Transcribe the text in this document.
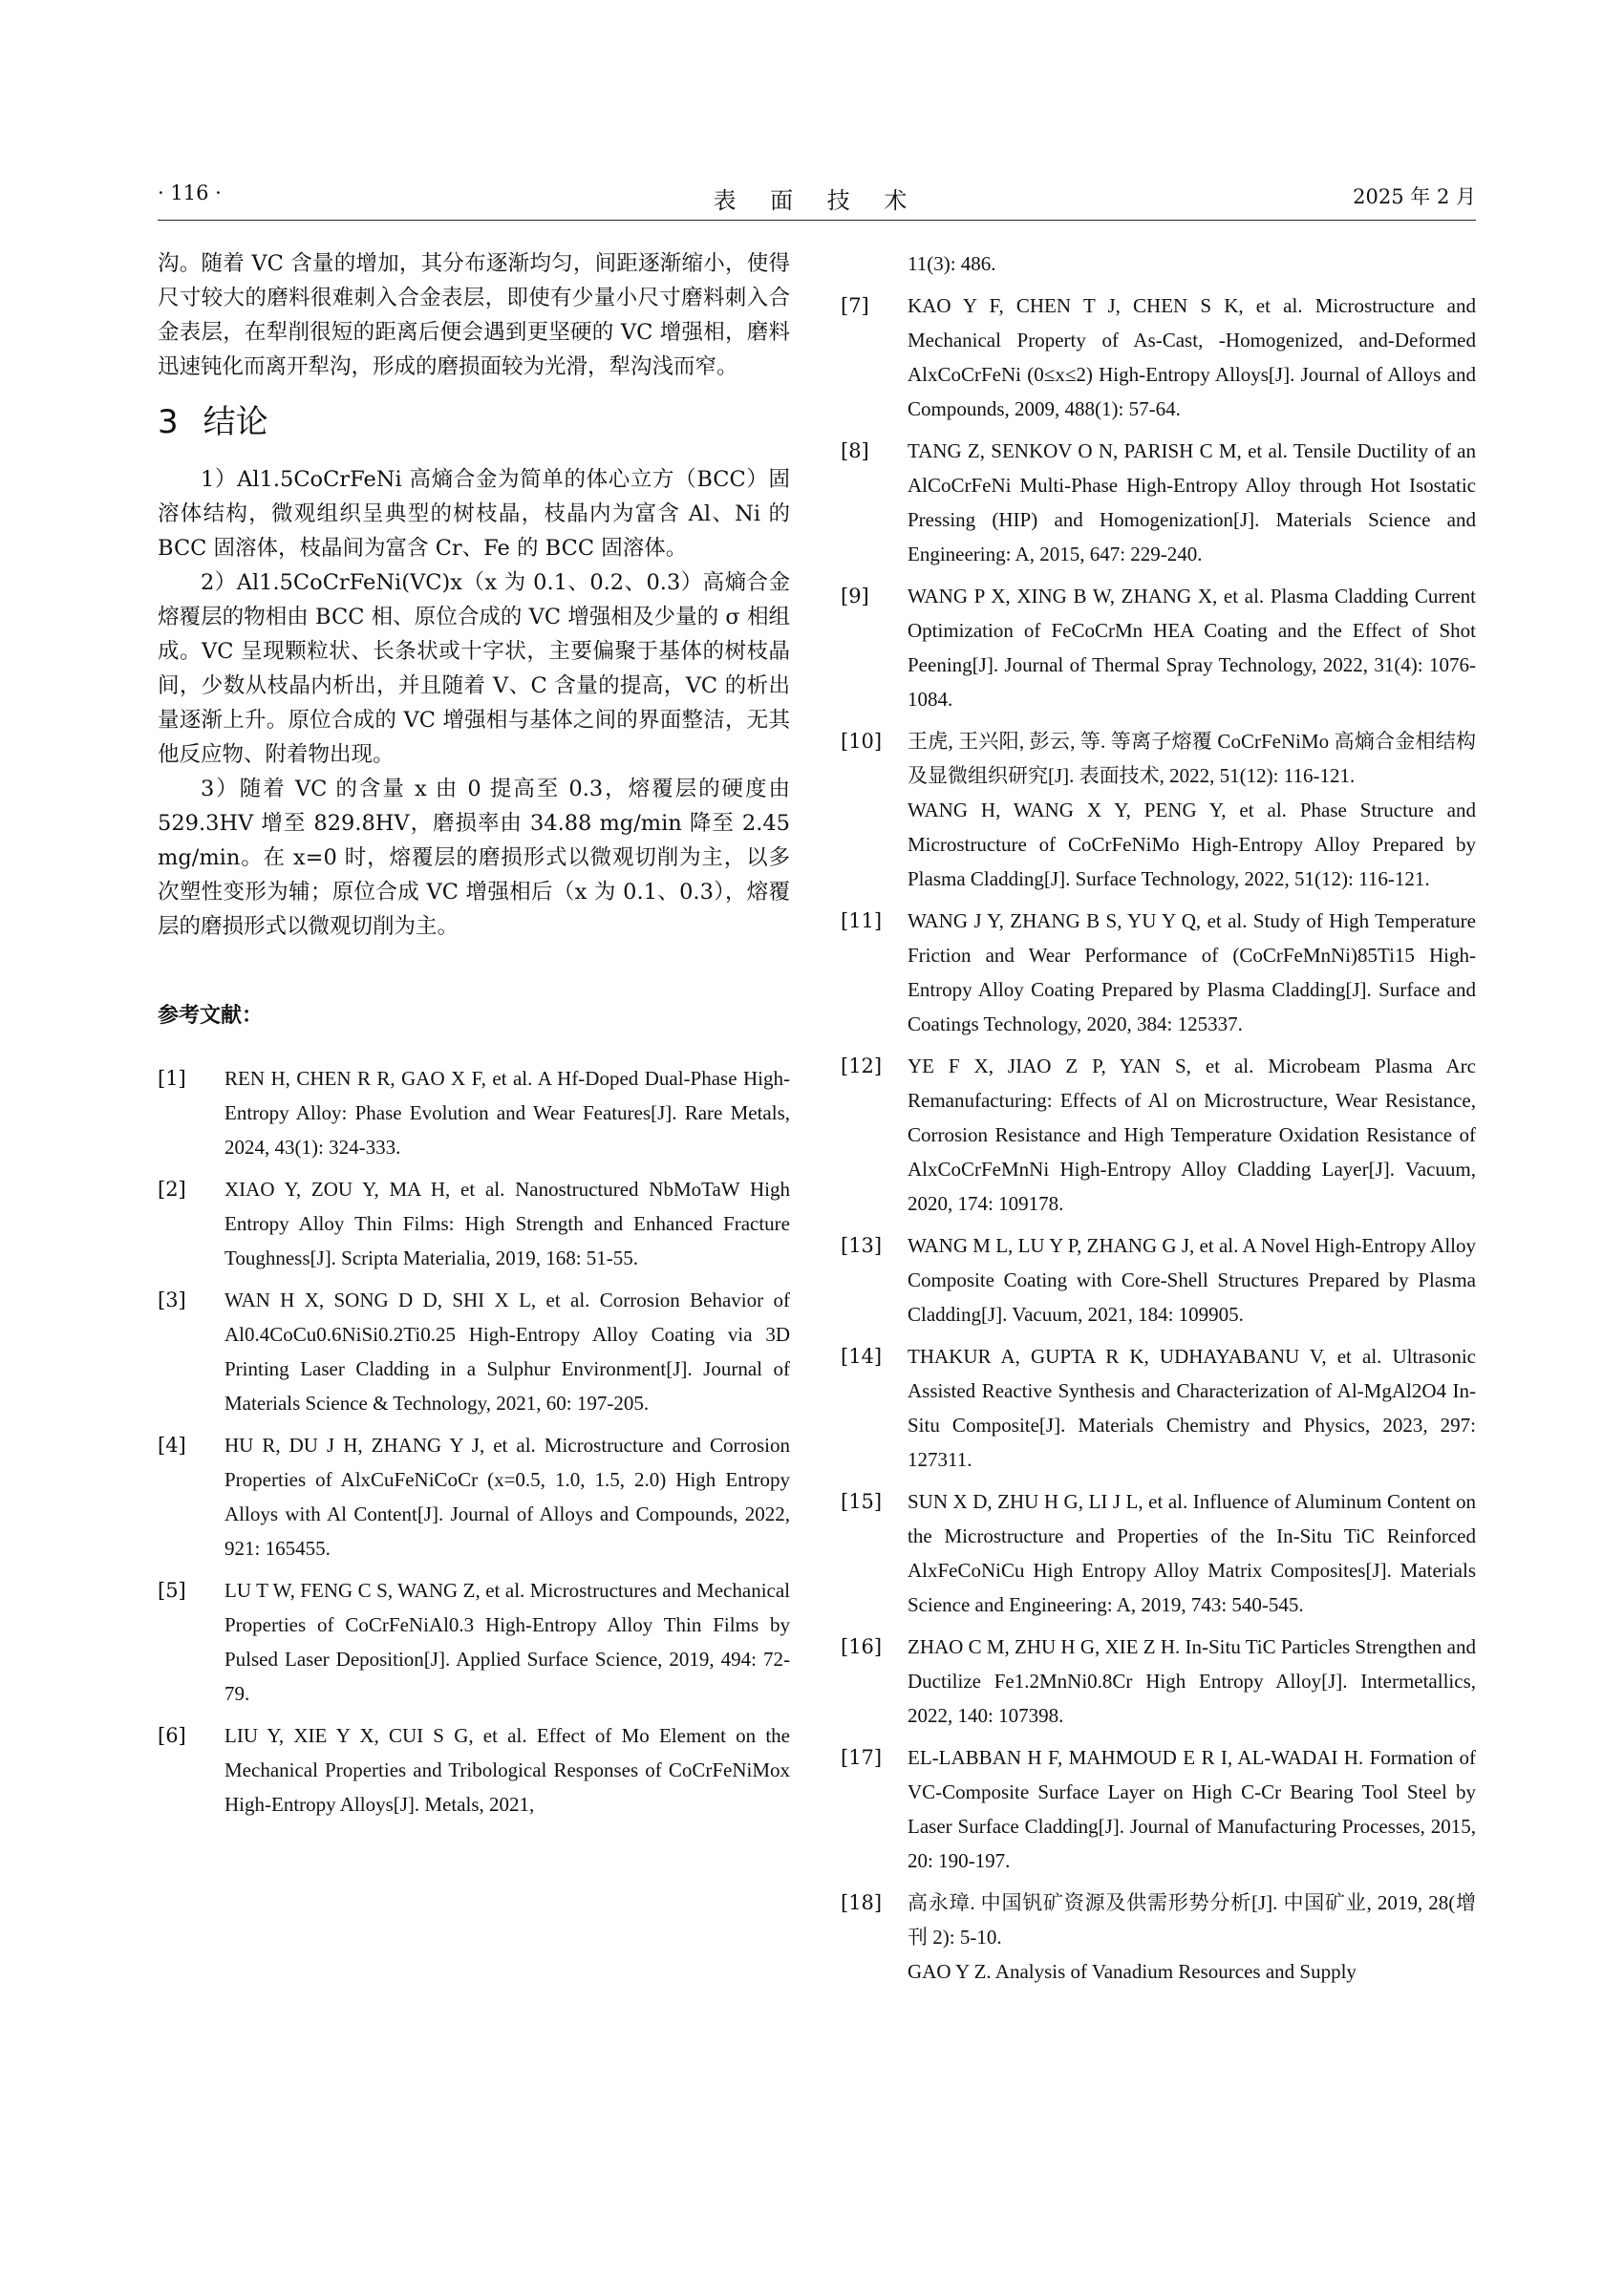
· 116 ·	表 面 技 术	2025 年 2 月

沟。随着 VC 含量的增加，其分布逐渐均匀，间距逐渐缩小，使得尺寸较大的磨料很难刺入合金表层，即使有少量小尺寸磨料刺入合金表层，在犁削很短的距离后便会遇到更坚硬的 VC 增强相，磨料迅速钝化而离开犁沟，形成的磨损面较为光滑，犁沟浅而窄。

3 结论

1）Al1.5CoCrFeNi 高熵合金为简单的体心立方（BCC）固溶体结构，微观组织呈典型的树枝晶，枝晶内为富含 Al、Ni 的 BCC 固溶体，枝晶间为富含 Cr、Fe 的 BCC 固溶体。

2）Al1.5CoCrFeNi(VC)x（x 为 0.1、0.2、0.3）高熵合金熔覆层的物相由 BCC 相、原位合成的 VC 增强相及少量的 σ 相组成。VC 呈现颗粒状、长条状或十字状，主要偏聚于基体的树枝晶间，少数从枝晶内析出，并且随着 V、C 含量的提高，VC 的析出量逐渐上升。原位合成的 VC 增强相与基体之间的界面整洁，无其他反应物、附着物出现。

3）随着 VC 的含量 x 由 0 提高至 0.3，熔覆层的硬度由 529.3HV 增至 829.8HV，磨损率由 34.88 mg/min 降至 2.45 mg/min。在 x=0 时，熔覆层的磨损形式以微观切削为主，以多次塑性变形为辅；原位合成 VC 增强相后（x 为 0.1、0.3），熔覆层的磨损形式以微观切削为主。

参考文献：
[1]	REN H, CHEN R R, GAO X F, et al. A Hf-Doped Dual-Phase High-Entropy Alloy: Phase Evolution and Wear Features[J]. Rare Metals, 2024, 43(1): 324-333.
[2]	XIAO Y, ZOU Y, MA H, et al. Nanostructured NbMoTaW High Entropy Alloy Thin Films: High Strength and Enhanced Fracture Toughness[J]. Scripta Materialia, 2019, 168: 51-55.
[3]	WAN H X, SONG D D, SHI X L, et al. Corrosion Behavior of Al0.4CoCu0.6NiSi0.2Ti0.25 High-Entropy Alloy Coating via 3D Printing Laser Cladding in a Sulphur Environment[J]. Journal of Materials Science & Technology, 2021, 60: 197-205.
[4]	HU R, DU J H, ZHANG Y J, et al. Microstructure and Corrosion Properties of AlxCuFeNiCoCr (x=0.5, 1.0, 1.5, 2.0) High Entropy Alloys with Al Content[J]. Journal of Alloys and Compounds, 2022, 921: 165455.
[5]	LU T W, FENG C S, WANG Z, et al. Microstructures and Mechanical Properties of CoCrFeNiAl0.3 High-Entropy Alloy Thin Films by Pulsed Laser Deposition[J]. Applied Surface Science, 2019, 494: 72-79.
[6]	LIU Y, XIE Y X, CUI S G, et al. Effect of Mo Element on the Mechanical Properties and Tribological Responses of CoCrFeNiMox High-Entropy Alloys[J]. Metals, 2021,
11(3): 486.
[7]	KAO Y F, CHEN T J, CHEN S K, et al. Microstructure and Mechanical Property of As-Cast, -Homogenized, and-Deformed AlxCoCrFeNi (0≤x≤2) High-Entropy Alloys[J]. Journal of Alloys and Compounds, 2009, 488(1): 57-64.
[8]	TANG Z, SENKOV O N, PARISH C M, et al. Tensile Ductility of an AlCoCrFeNi Multi-Phase High-Entropy Alloy through Hot Isostatic Pressing (HIP) and Homogenization[J]. Materials Science and Engineering: A, 2015, 647: 229-240.
[9]	WANG P X, XING B W, ZHANG X, et al. Plasma Cladding Current Optimization of FeCoCrMn HEA Coating and the Effect of Shot Peening[J]. Journal of Thermal Spray Technology, 2022, 31(4): 1076-1084.
[10]	王虎, 王兴阳, 彭云, 等. 等离子熔覆 CoCrFeNiMo 高熵合金相结构及显微组织研究[J]. 表面技术, 2022, 51(12): 116-121.
WANG H, WANG X Y, PENG Y, et al. Phase Structure and Microstructure of CoCrFeNiMo High-Entropy Alloy Prepared by Plasma Cladding[J]. Surface Technology, 2022, 51(12): 116-121.
[11]	WANG J Y, ZHANG B S, YU Y Q, et al. Study of High Temperature Friction and Wear Performance of (CoCrFeMnNi)85Ti15 High-Entropy Alloy Coating Prepared by Plasma Cladding[J]. Surface and Coatings Technology, 2020, 384: 125337.
[12]	YE F X, JIAO Z P, YAN S, et al. Microbeam Plasma Arc Remanufacturing: Effects of Al on Microstructure, Wear Resistance, Corrosion Resistance and High Temperature Oxidation Resistance of AlxCoCrFeMnNi High-Entropy Alloy Cladding Layer[J]. Vacuum, 2020, 174: 109178.
[13]	WANG M L, LU Y P, ZHANG G J, et al. A Novel High-Entropy Alloy Composite Coating with Core-Shell Structures Prepared by Plasma Cladding[J]. Vacuum, 2021, 184: 109905.
[14]	THAKUR A, GUPTA R K, UDHAYABANU V, et al. Ultrasonic Assisted Reactive Synthesis and Characterization of Al-MgAl2O4 In-Situ Composite[J]. Materials Chemistry and Physics, 2023, 297: 127311.
[15]	SUN X D, ZHU H G, LI J L, et al. Influence of Aluminum Content on the Microstructure and Properties of the In-Situ TiC Reinforced AlxFeCoNiCu High Entropy Alloy Matrix Composites[J]. Materials Science and Engineering: A, 2019, 743: 540-545.
[16]	ZHAO C M, ZHU H G, XIE Z H. In-Situ TiC Particles Strengthen and Ductilize Fe1.2MnNi0.8Cr High Entropy Alloy[J]. Intermetallics, 2022, 140: 107398.
[17]	EL-LABBAN H F, MAHMOUD E R I, AL-WADAI H. Formation of VC-Composite Surface Layer on High C-Cr Bearing Tool Steel by Laser Surface Cladding[J]. Journal of Manufacturing Processes, 2015, 20: 190-197.
[18]	高永璋. 中国钒矿资源及供需形势分析[J]. 中国矿业, 2019, 28(增刊 2): 5-10.
GAO Y Z. Analysis of Vanadium Resources and Supply
